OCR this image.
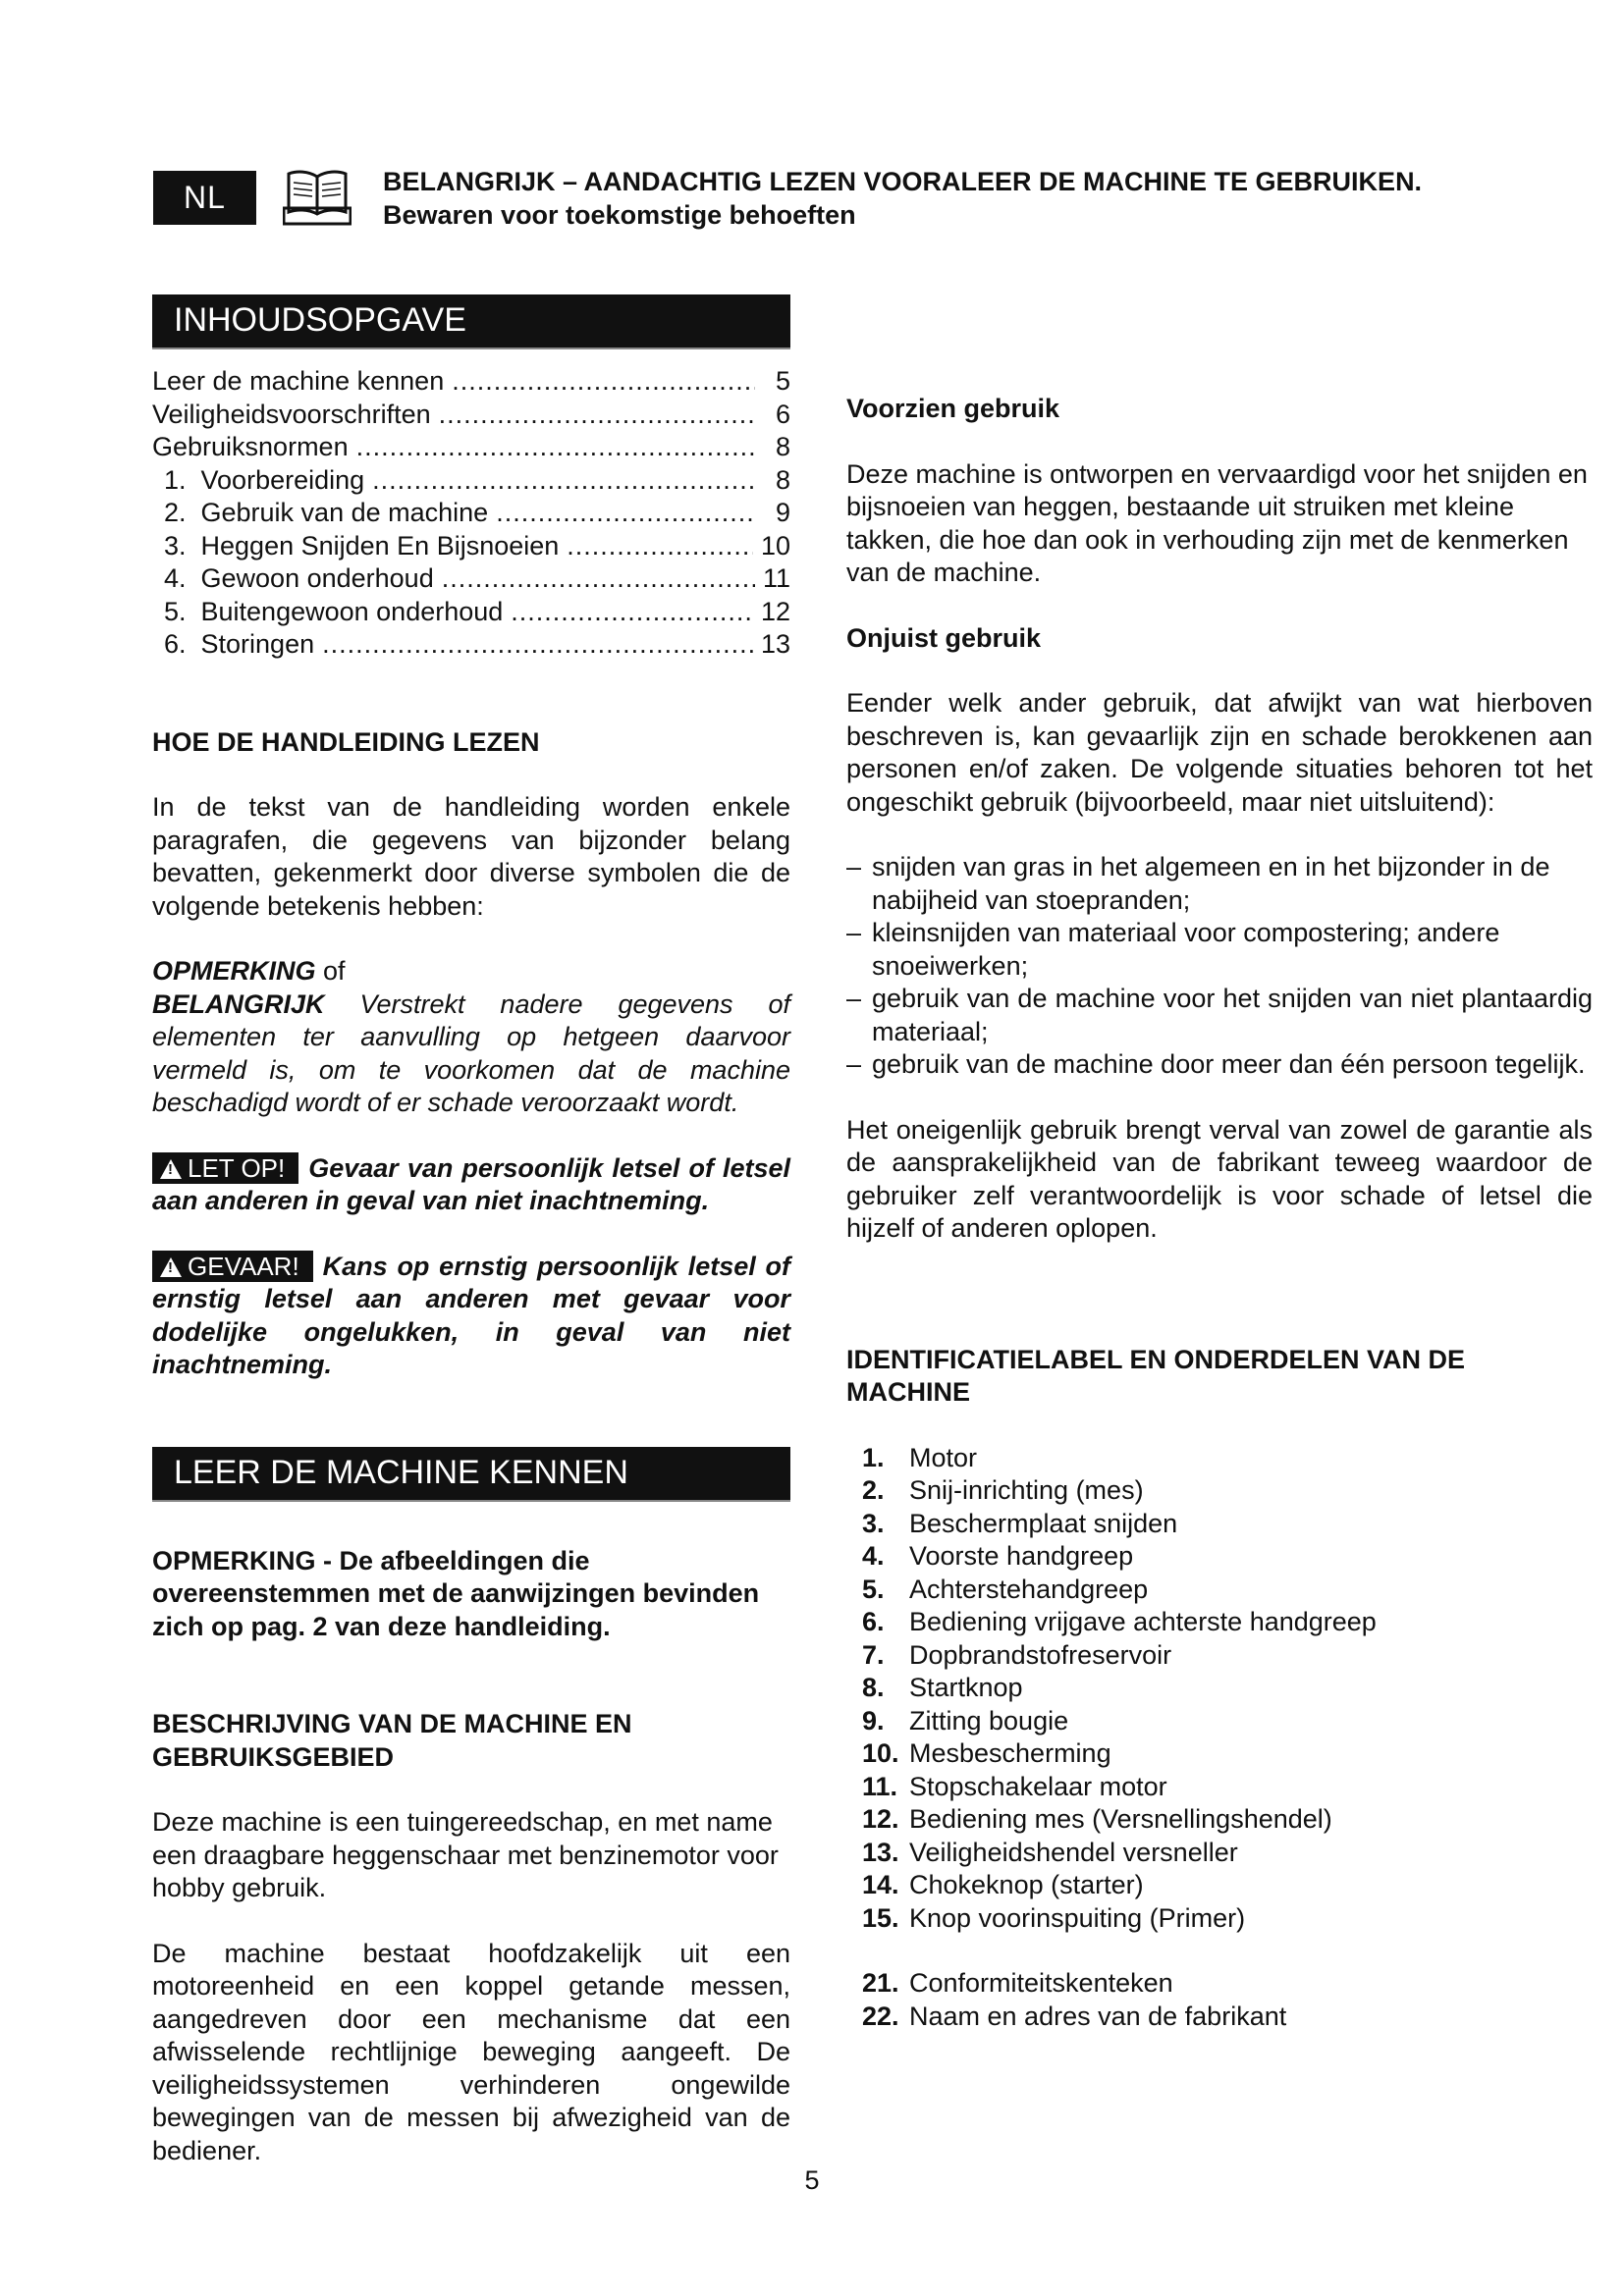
NL	BELANGRIJK – AANDACHTIG LEZEN VOORALEER DE MACHINE TE GEBRUIKEN.
Bewaren voor toekomstige behoeften
INHOUDSOPGAVE
Leer de machine kennen .....	5
Veiligheidsvoorschriften .....	6
Gebruiksnormen .....	8
1.  Voorbereiding .....	8
2.  Gebruik van de machine .....	9
3.  Heggen Snijden En Bijsnoeien .....	10
4.  Gewoon onderhoud .....	11
5.  Buitengewoon onderhoud .....	12
6.  Storingen .....	13
HOE DE HANDLEIDING LEZEN

In de tekst van de handleiding worden enkele paragrafen, die gegevens van bijzonder belang bevatten, gekenmerkt door diverse symbolen die de volgende betekenis hebben:

OPMERKING of
BELANGRIJK Verstrekt nadere gegevens of elementen ter aanvulling op hetgeen daarvoor vermeld is, om te voorkomen dat de machine beschadigd wordt of er schade veroorzaakt wordt.

!LET OP! Gevaar van persoonlijk letsel of letsel aan anderen in geval van niet inachtneming.

!GEVAAR! Kans op ernstig persoonlijk letsel of ernstig letsel aan anderen met gevaar voor dodelijke ongelukken, in geval van niet inachtneming.

LEER DE MACHINE KENNEN
OPMERKING - De afbeeldingen die overeenstemmen met de aanwijzingen bevinden zich op pag. 2 van deze handleiding.
BESCHRIJVING VAN DE MACHINE EN GEBRUIKSGEBIED

Deze machine is een tuingereedschap, en met name een draagbare heggenschaar met benzinemotor voor hobby gebruik.

De machine bestaat hoofdzakelijk uit een motoreenheid en een koppel getande messen, aangedreven door een mechanisme dat een afwisselende rechtlijnige beweging aangeeft. De veiligheidssystemen verhinderen ongewilde bewegingen van de messen bij afwezigheid van de bediener.

Voorzien gebruik

Deze machine is ontworpen en vervaardigd voor het snijden en bijsnoeien van heggen, bestaande uit struiken met kleine takken, die hoe dan ook in verhouding zijn met de kenmerken van de machine.

Onjuist gebruik

Eender welk ander gebruik, dat afwijkt van wat hierboven beschreven is, kan gevaarlijk zijn en schade berokkenen aan personen en/of zaken. De volgende situaties behoren tot het ongeschikt gebruik (bijvoorbeeld, maar niet uitsluitend):

– snijden van gras in het algemeen en in het bijzonder in de nabijheid van stoepranden;
– kleinsnijden van materiaal voor compostering; andere snoeiwerken;
– gebruik van de machine voor het snijden van niet plantaardig materiaal;
– gebruik van de machine door meer dan één persoon tegelijk.

Het oneigenlijk gebruik brengt verval van zowel de garantie als de aansprakelijkheid van de fabrikant teweeg waardoor de gebruiker zelf verantwoordelijk is voor schade of letsel die hijzelf of anderen oplopen.

IDENTIFICATIELABEL EN ONDERDELEN VAN DE MACHINE
1. Motor
2. Snij-inrichting (mes)
3. Beschermplaat snijden
4. Voorste handgreep
5. Achterstehandgreep
6. Bediening vrijgave achterste handgreep
7. Dopbrandstofreservoir
8. Startknop
9. Zitting bougie
10. Mesbescherming
11. Stopschakelaar motor
12. Bediening mes (Versnellingshendel)
13. Veiligheidshendel versneller
14. Chokeknop (starter)
15. Knop voorinspuiting (Primer)
21. Conformiteitskenteken
22. Naam en adres van de fabrikant
5
